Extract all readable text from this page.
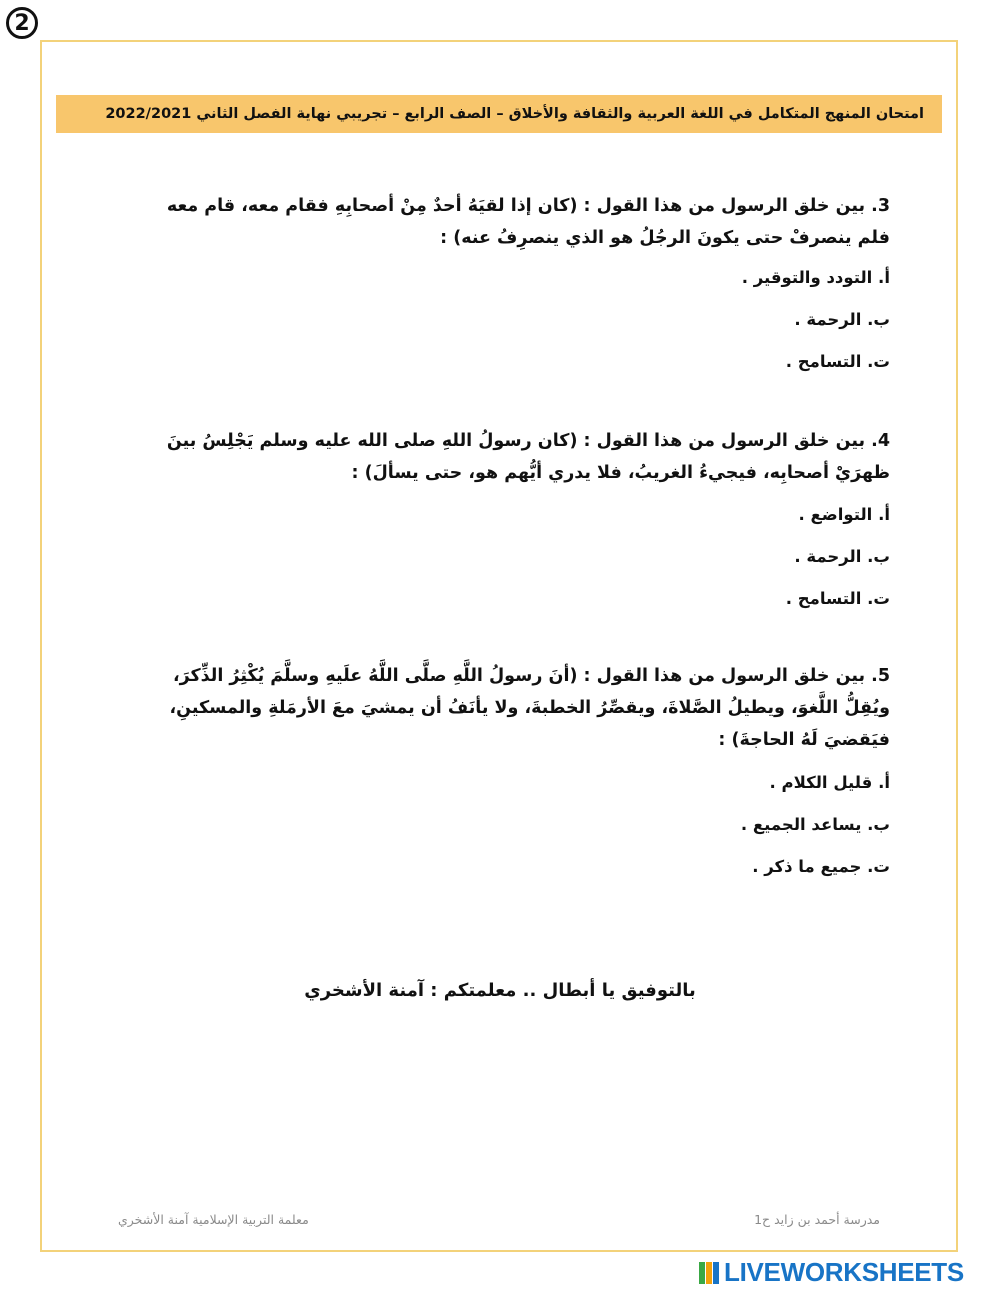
2
امتحان المنهج المتكامل في اللغة العربية والثقافة والأخلاق – الصف الرابع – تجريبي نهاية الفصل الثاني 2022/2021

3. بين خلق الرسول من هذا القول : (كان إذا لقيَهُ أحدٌ مِنْ أصحابِهِ فقام معه، قام معه فلم ينصرفْ حتى يكونَ الرجُلُ هو الذي ينصرِفُ عنه) :

أ. التودد والتوقير .
ب. الرحمة .
ت. التسامح .

4. بين خلق الرسول من هذا القول : (كان رسولُ اللهِ صلى الله عليه وسلم يَجْلِسُ بينَ ظهرَيْ أصحابِه، فيجيءُ الغريبُ، فلا يدري أيُّهم هو، حتى يسألَ) :

أ. التواضع .
ب. الرحمة .
ت. التسامح .

5. بين خلق الرسول من هذا القول : (أنَ رسولُ اللَّهِ صلَّى اللَّهُ علَيهِ وسلَّمَ يُكْثِرُ الذِّكرَ، ويُقِلُّ اللَّغوَ، ويطيلُ الصَّلاةَ، ويقصِّرُ الخطبةَ، ولا يأنَفُ أن يمشيَ معَ الأرمَلةِ والمسكينِ، فيَقضيَ لَهُ الحاجةَ) :

أ. قليل الكلام .
ب. يساعد الجميع .
ت. جميع ما ذكر .
بالتوفيق يا أبطال .. معلمتكم : آمنة الأشخري
معلمة التربية الإسلامية آمنة الأشخري	مدرسة أحمد بن زايد ح1
LIVEWORKSHEETS
